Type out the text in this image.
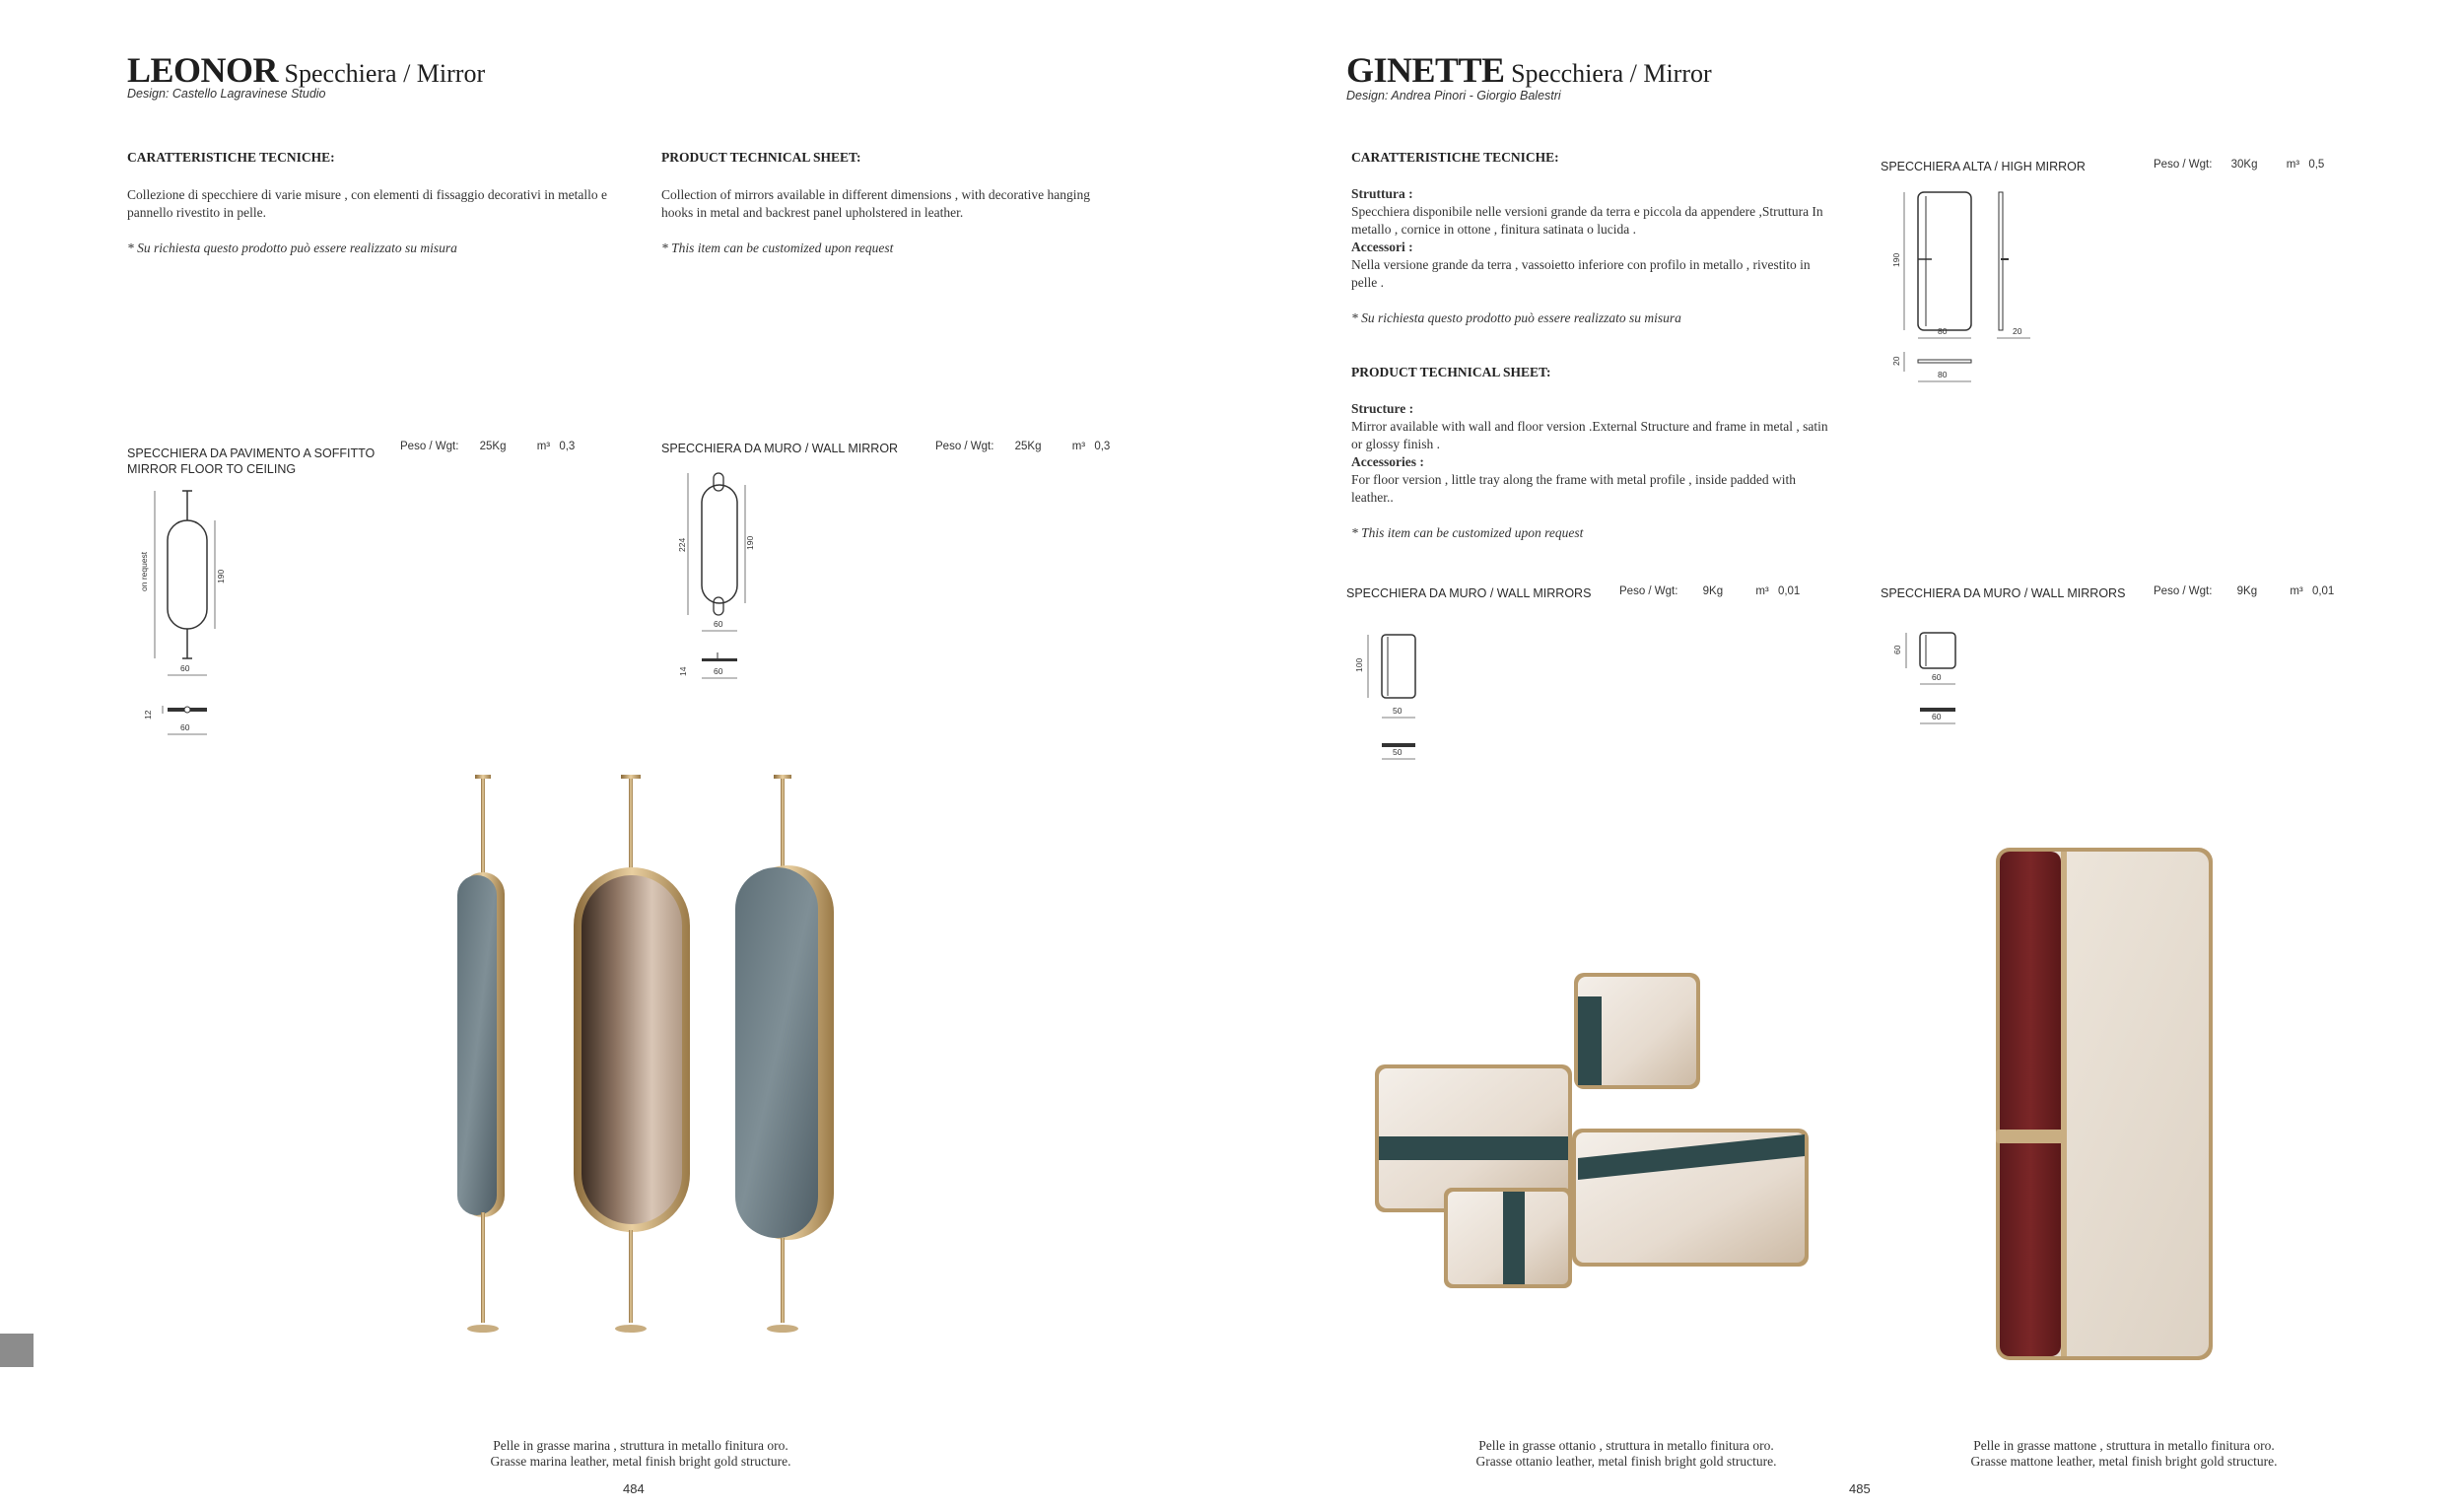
LEONOR Specchiera / Mirror
Design: Castello Lagravinese Studio
CARATTERISTICHE TECNICHE:

Collezione di specchiere di varie misure , con elementi di fissaggio decorativi in metallo e pannello rivestito in pelle.

* Su richiesta questo prodotto può essere realizzato su misura

PRODUCT TECHNICAL SHEET:

Collection of mirrors available in different dimensions , with decorative hanging hooks in metal and backrest panel upholstered in leather.

* This item can be customized upon request

SPECCHIERA DA PAVIMENTO A SOFFITTO
MIRROR FLOOR TO CEILING
Peso / Wgt: 25Kg	m³ 0,3
on request	190
60
12
60
SPECCHIERA DA MURO / WALL MIRROR	Peso / Wgt: 25Kg	m³ 0,3
224	190
60
14	60
Pelle in grasse marina , struttura in metallo finitura oro.
Grasse marina leather, metal finish bright gold structure.
484
GINETTE Specchiera / Mirror
Design: Andrea Pinori - Giorgio Balestri
CARATTERISTICHE TECNICHE:

Struttura :

Specchiera disponibile nelle versioni grande da terra e piccola da appendere ,Struttura In metallo , cornice in ottone , finitura satinata o lucida .

Accessori :

Nella versione grande da terra , vassoietto inferiore con profilo in metallo , rivestito in pelle .

* Su richiesta questo prodotto può essere realizzato su misura

PRODUCT TECHNICAL SHEET:

Structure :

Mirror available with wall and floor version .External Structure and frame in metal , satin or glossy finish .

Accessories :

For floor version , little tray along the frame with metal profile , inside padded with leather..

* This item can be customized upon request

SPECCHIERA ALTA / HIGH MIRROR	Peso / Wgt: 30Kg	m³ 0,5
190
80	20
20
80
SPECCHIERA DA MURO / WALL MIRRORS Peso / Wgt: 9Kg	m³ 0,01
100
50
50
SPECCHIERA DA MURO / WALL MIRRORS Peso / Wgt: 9Kg	m³ 0,01
60
60
60
Pelle in grasse ottanio , struttura in metallo finitura oro.
Grasse ottanio leather, metal finish bright gold structure.
Pelle in grasse mattone , struttura in metallo finitura oro.
Grasse mattone leather, metal finish bright gold structure.
485
